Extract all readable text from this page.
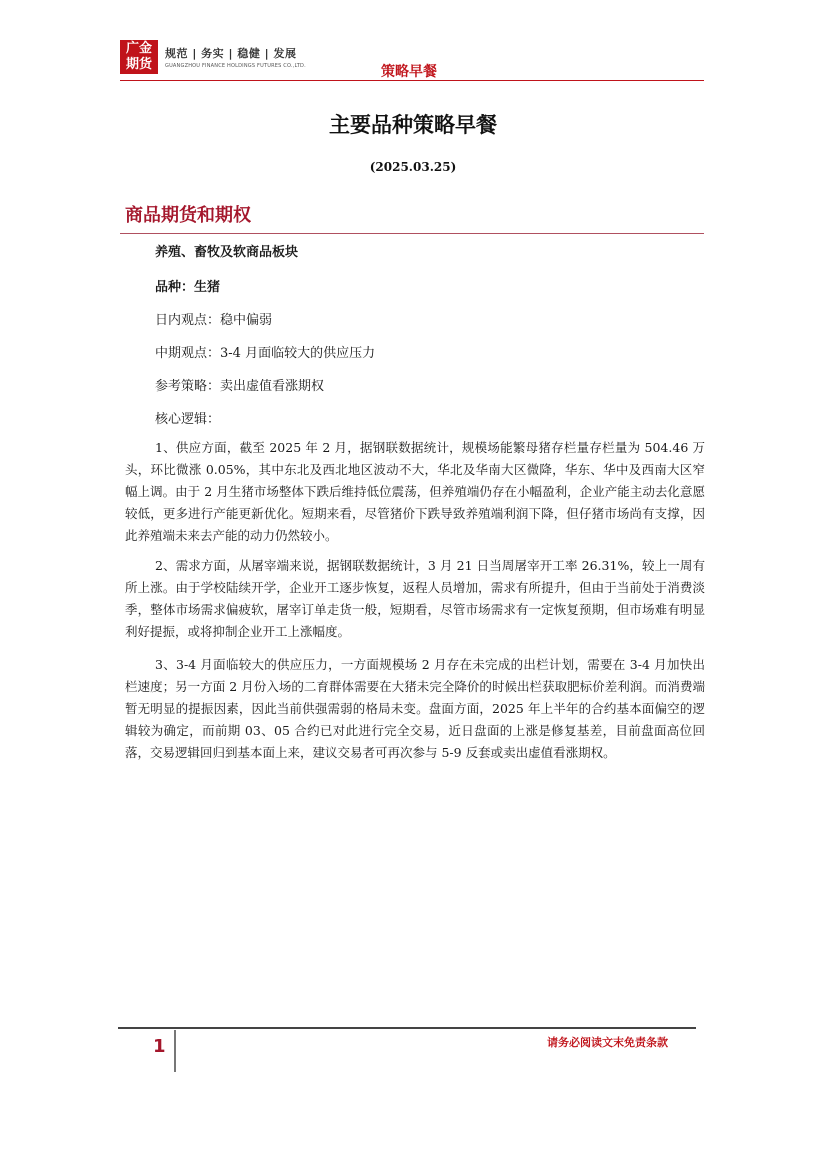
广金
期货
规范 | 务实 | 稳健 | 发展
GUANGZHOU FINANCE HOLDINGS FUTURES CO.,LTD.	策略早餐
主要品种策略早餐
(2025.03.25)
商品期货和期权
养殖、畜牧及软商品板块
品种：生猪
日内观点：稳中偏弱
中期观点：3-4 月面临较大的供应压力
参考策略：卖出虚值看涨期权
核心逻辑：
1、供应方面，截至 2025 年 2 月，据钢联数据统计，规模场能繁母猪存栏量存栏量为 504.46 万头，环比微涨 0.05%，其中东北及西北地区波动不大，华北及华南大区微降，华东、华中及西南大区窄幅上调。由于 2 月生猪市场整体下跌后维持低位震荡，但养殖端仍存在小幅盈利，企业产能主动去化意愿较低，更多进行产能更新优化。短期来看，尽管猪价下跌导致养殖端利润下降，但仔猪市场尚有支撑，因此养殖端未来去产能的动力仍然较小。
2、需求方面，从屠宰端来说，据钢联数据统计，3 月 21 日当周屠宰开工率 26.31%，较上一周有所上涨。由于学校陆续开学，企业开工逐步恢复，返程人员增加，需求有所提升，但由于当前处于消费淡季，整体市场需求偏疲软，屠宰订单走货一般，短期看，尽管市场需求有一定恢复预期，但市场难有明显利好提振，或将抑制企业开工上涨幅度。
3、3-4 月面临较大的供应压力，一方面规模场 2 月存在未完成的出栏计划，需要在 3-4 月加快出栏速度；另一方面 2 月份入场的二育群体需要在大猪未完全降价的时候出栏获取肥标价差利润。而消费端暂无明显的提振因素，因此当前供强需弱的格局未变。盘面方面，2025 年上半年的合约基本面偏空的逻辑较为确定，而前期 03、05 合约已对此进行完全交易，近日盘面的上涨是修复基差，目前盘面高位回落，交易逻辑回归到基本面上来，建议交易者可再次参与 5-9 反套或卖出虚值看涨期权。
1	请务必阅读文末免责条款
